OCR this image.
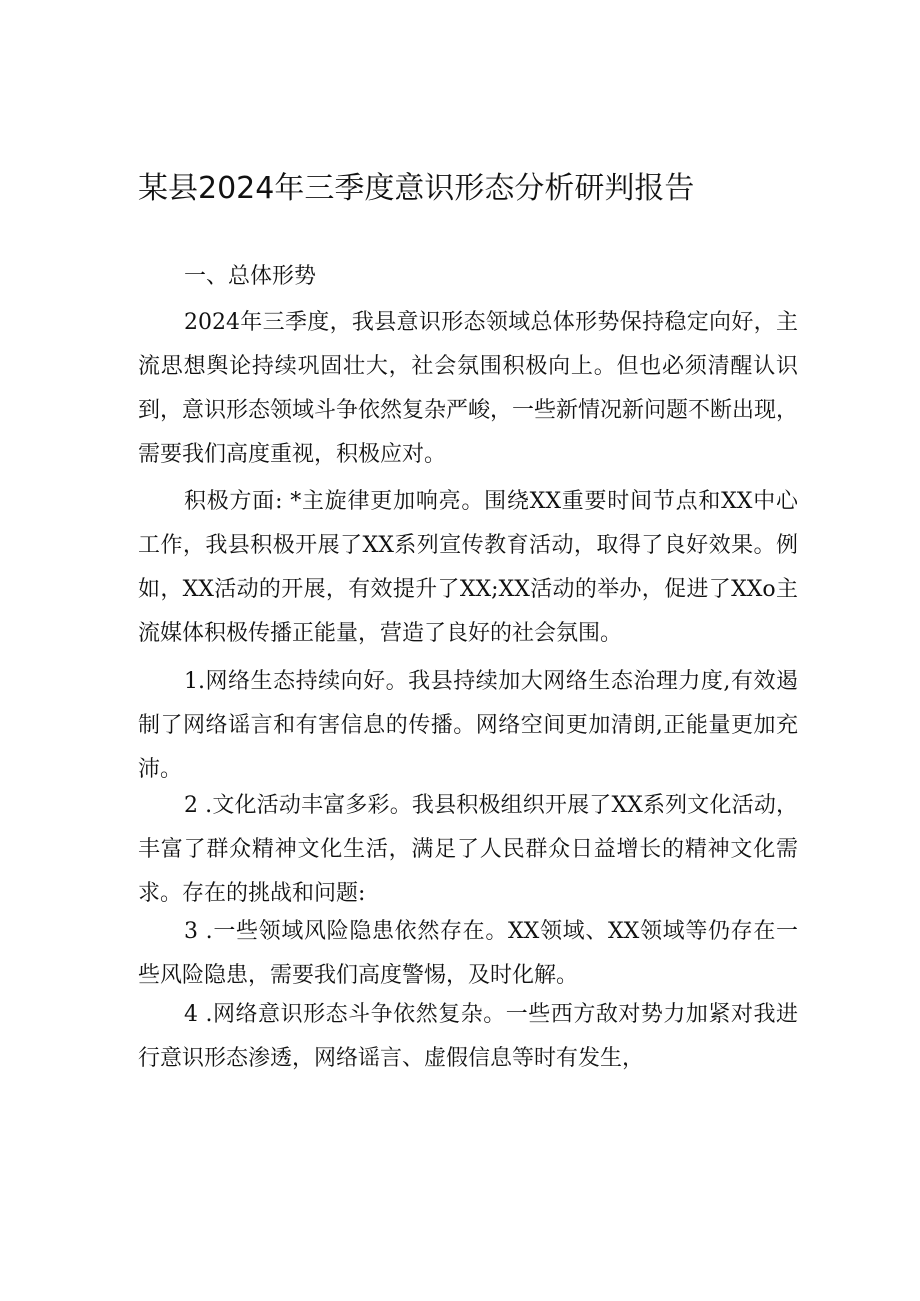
某县2024年三季度意识形态分析研判报告

一、总体形势

2024年三季度，我县意识形态领域总体形势保持稳定向好，主流思想舆论持续巩固壮大，社会氛围积极向上。但也必须清醒认识到，意识形态领域斗争依然复杂严峻，一些新情况新问题不断出现，需要我们高度重视，积极应对。

积极方面: *主旋律更加响亮。围绕XX重要时间节点和XX中心工作，我县积极开展了XX系列宣传教育活动，取得了良好效果。例如，XX活动的开展，有效提升了XX;XX活动的举办，促进了XXo主流媒体积极传播正能量，营造了良好的社会氛围。

1.网络生态持续向好。我县持续加大网络生态治理力度,有效遏制了网络谣言和有害信息的传播。网络空间更加清朗,正能量更加充沛。

2 .文化活动丰富多彩。我县积极组织开展了XX系列文化活动，丰富了群众精神文化生活，满足了人民群众日益增长的精神文化需求。存在的挑战和问题:

3 .一些领域风险隐患依然存在。XX领域、XX领域等仍存在一些风险隐患，需要我们高度警惕，及时化解。

4 .网络意识形态斗争依然复杂。一些西方敌对势力加紧对我进行意识形态渗透，网络谣言、虚假信息等时有发生，
